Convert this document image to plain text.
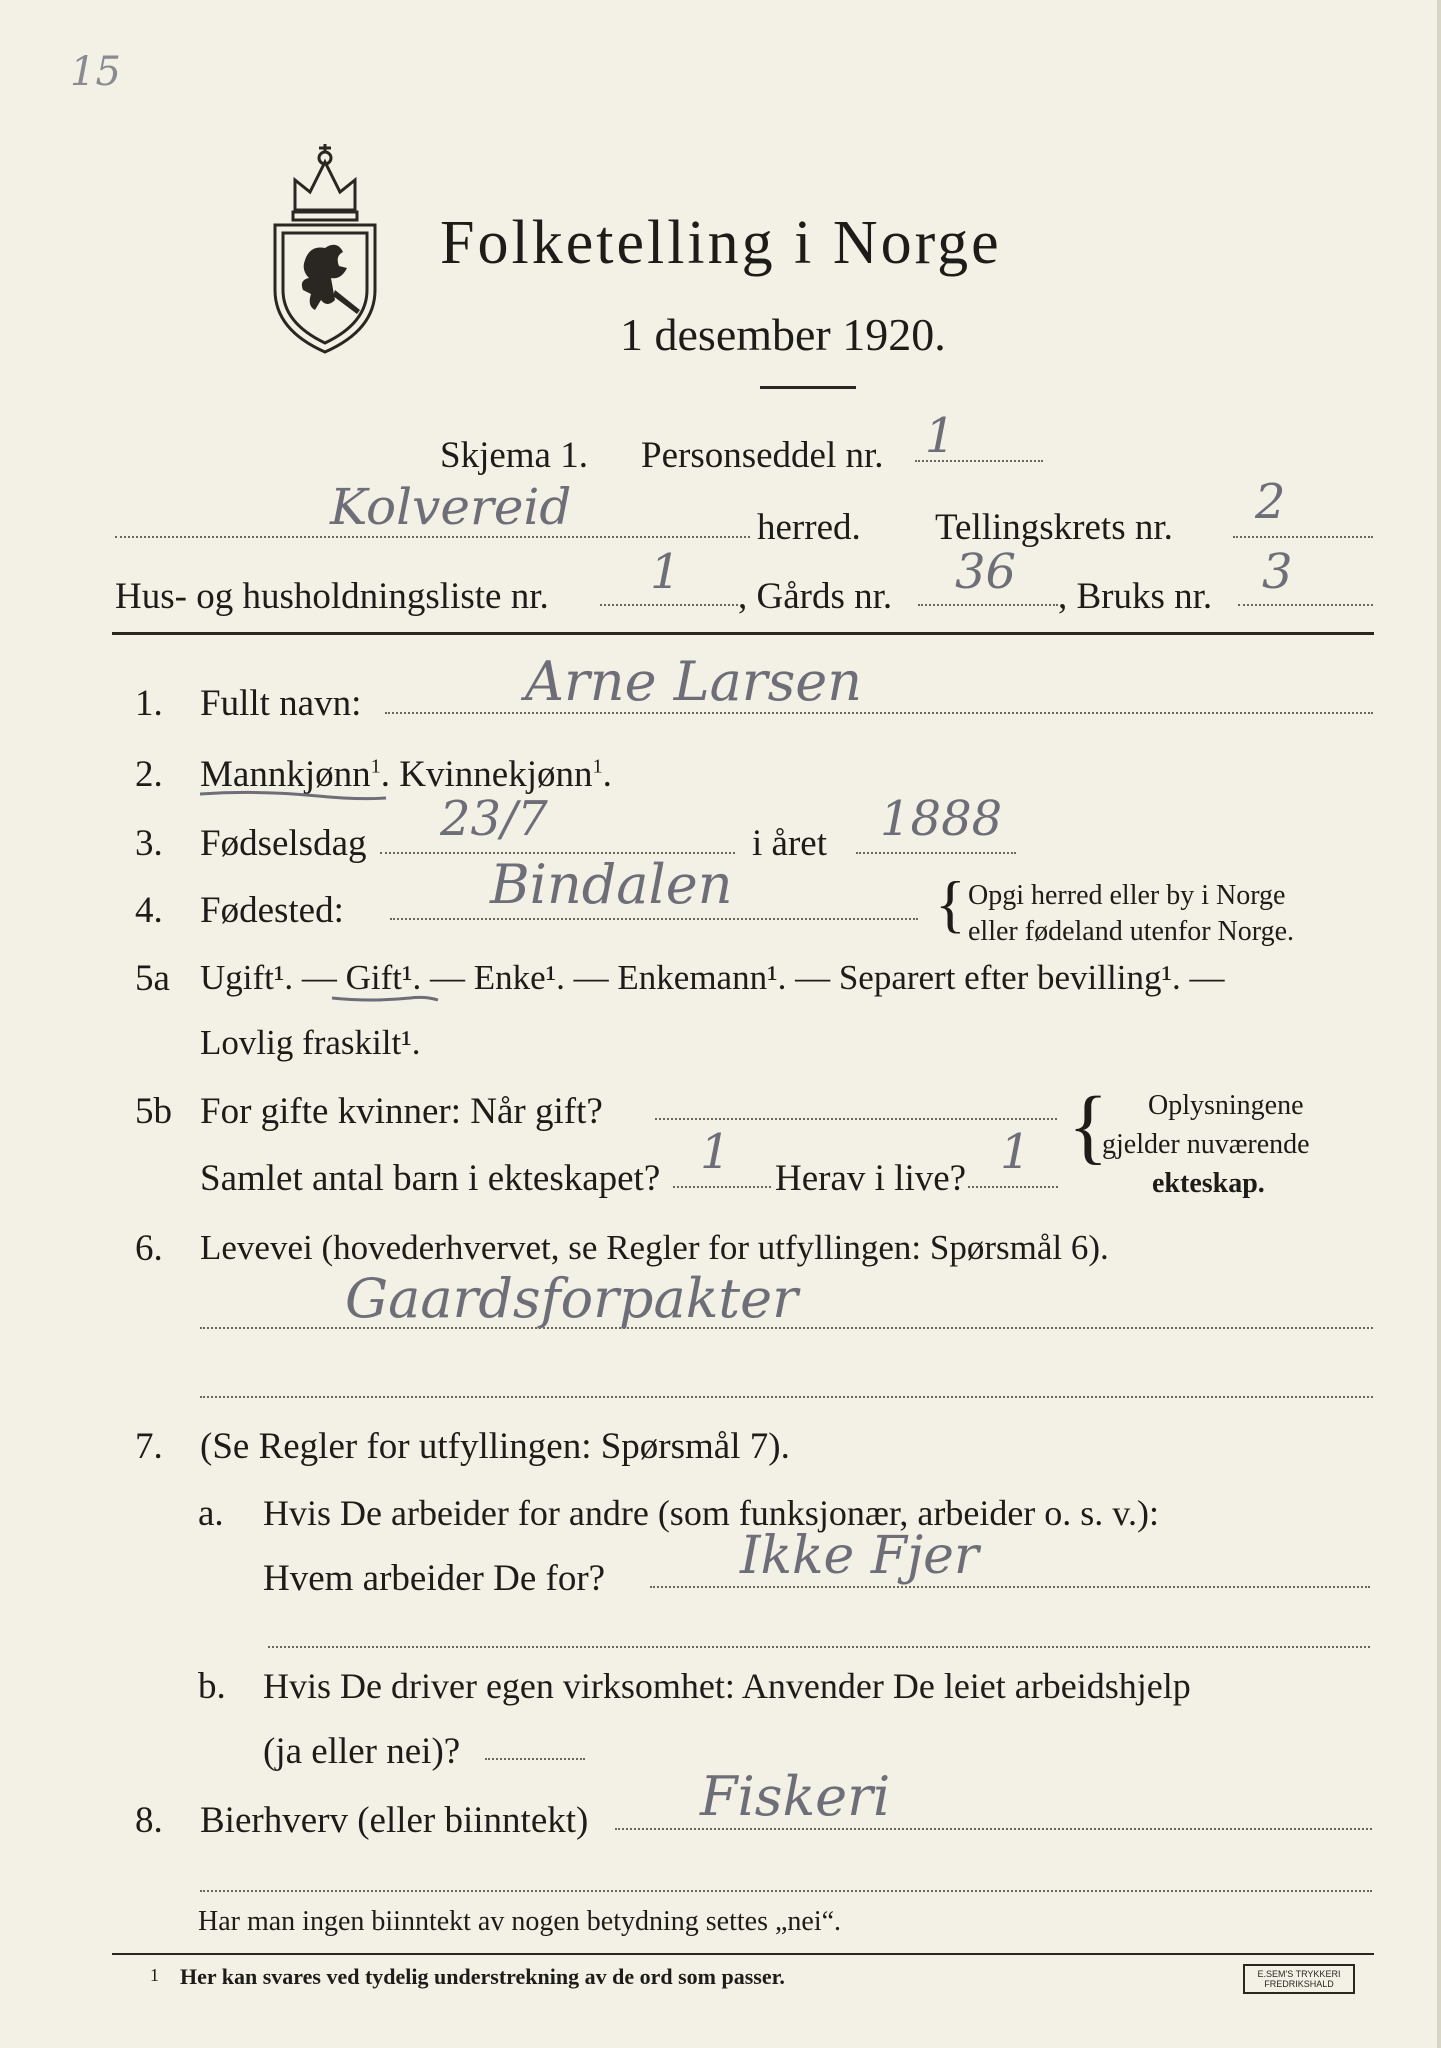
15
Folketelling i Norge
1 desember 1920.
Skjema 1. Personseddel nr. 1
Kolvereid	herred. Tellingskrets nr. 2
Hus- og husholdningsliste nr. 1 , Gårds nr. 36 , Bruks nr. 3
1. Fullt navn:	Arne Larsen
2. Mannkjønn$^1$. Kvinnekjønn$^1$.
3. Fødselsdag 23/7	i året 1888
4. Fødested:	Bindalen	{ Opgi herred eller by i Norge
eller fødeland utenfor Norge.
5a Ugift¹. — Gift¹. — Enke¹. — Enkemann¹. — Separert efter bevilling¹. —
Lovlig fraskilt¹.
5b For gifte kvinner: Når gift?
Samlet antal barn i ekteskapet? 1 Herav i live? 1 { Oplysningene
gjelder nuværende
ekteskap.
6. Levevei (hovederhvervet, se Regler for utfyllingen: Spørsmål 6).
Gaardsforpakter
7. (Se Regler for utfyllingen: Spørsmål 7).
a. Hvis De arbeider for andre (som funksjonær, arbeider o. s. v.):
Hvem arbeider De for?	Ikke Fjer
b. Hvis De driver egen virksomhet: Anvender De leiet arbeidshjelp
(ja eller nei)?
8. Bierhverv (eller biinntekt) Fiskeri
Har man ingen biinntekt av nogen betydning settes „nei“.
1 Her kan svares ved tydelig understrekning av de ord som passer.	E.SEM'S TRYKKERI
FREDRIKSHALD
